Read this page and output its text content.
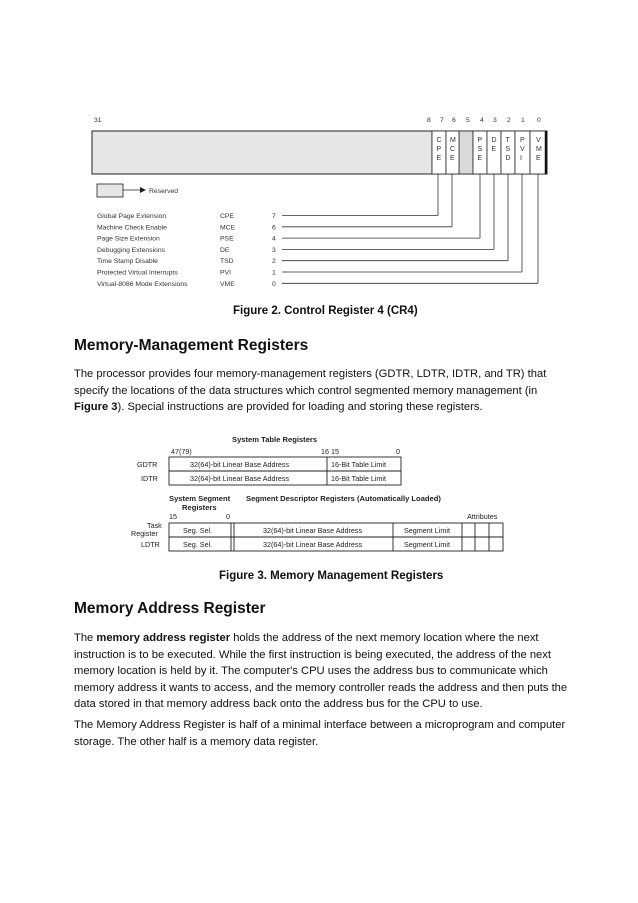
31	8 7 6 5 4 3 2 1 0
C
P
E
M
C
E
P
S
E
D
E
T
S
D
P
V
I
V
M
E
Reserved
Global Page Extension	CPE	7
Machine Check Enable	MCE	6
Page Size Extension	PSE	4
Debugging Extensions	DE	3
Time Stamp Disable	TSD	2
Protected Virtual Interrupts	PVI	1
Virtual-8086 Mode Extensions	VME	0
Figure 2. Control Register 4 (CR4)
Memory-Management Registers

The processor provides four memory-management registers (GDTR, LDTR, IDTR, and TR) that specify the locations of the data structures which control segmented memory management (in Figure 3). Special instructions are provided for loading and storing these registers.

System Table Registers
47(79)	16 15	0
GDTR	32(64)-bit Linear Base Address	16-Bit Table Limit
IDTR	32(64)-bit Linear Base Address	16-Bit Table Limit
System Segment
Registers
Segment Descriptor Registers (Automatically Loaded)
15	0	Attributes
Task
Register	Seg. Sel.	32(64)-bit Linear Base Address	Segment Limit
LDTR	Seg. Sel.	32(64)-bit Linear Base Address	Segment Limit
Figure 3. Memory Management Registers
Memory Address Register

The memory address register holds the address of the next memory location where the next instruction is to be executed. While the first instruction is being executed, the address of the next memory location is held by it. The computer's CPU uses the address bus to communicate which memory address it wants to access, and the memory controller reads the address and then puts the data stored in that memory address back onto the address bus for the CPU to use.

The Memory Address Register is half of a minimal interface between a microprogram and computer storage. The other half is a memory data register.
